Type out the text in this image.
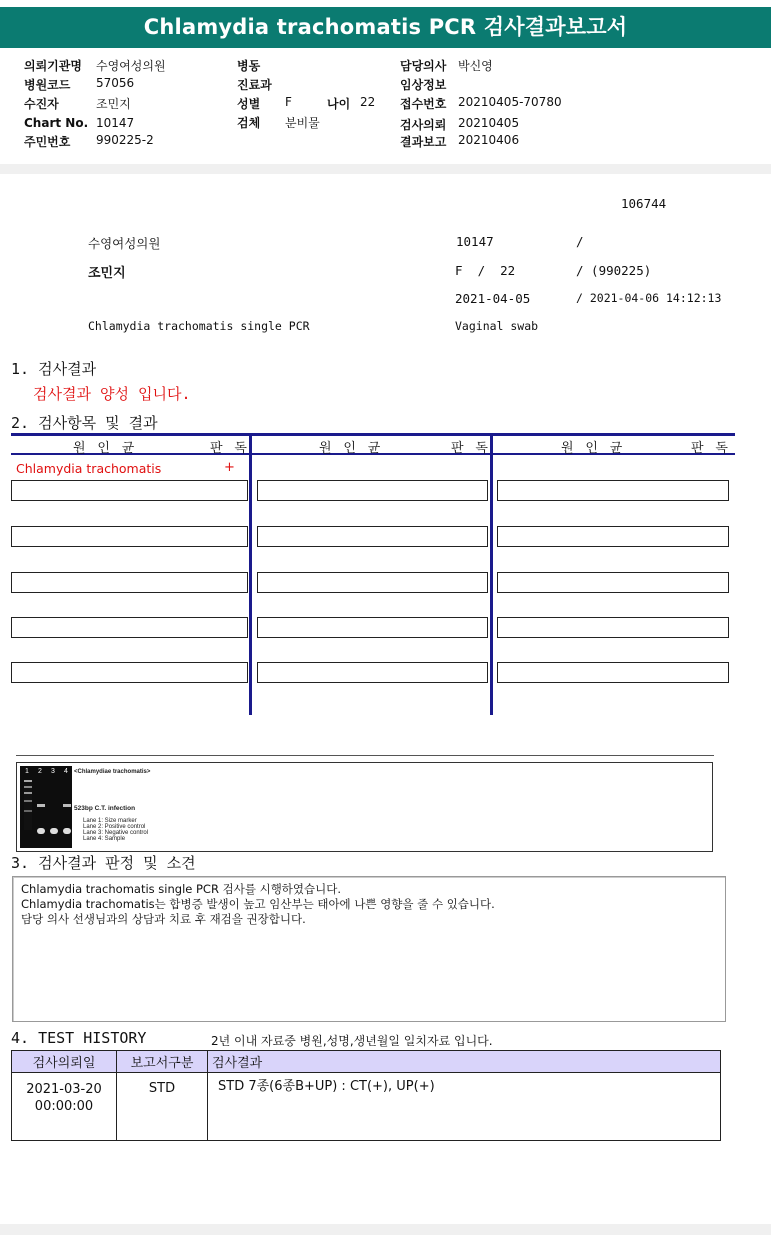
Chlamydia trachomatis PCR 검사결과보고서
의뢰기관명 수영여성의원
병원코드 57056
수진자	조민지
Chart No. 10147
주민번호 990225-2
병동
진료과
성별 F	나이 22
검체 분비물
담당의사 박신영
임상정보
접수번호 20210405-70780
검사의뢰 20210405
결과보고 20210406
106744
수영여성의원	10147	/
조민지	F  /  22	/ (990225)
2021-04-05	/ 2021-04-06 14:12:13
Chlamydia trachomatis single PCR	Vaginal swab
1. 검사결과
검사결과 양성 입니다.
2. 검사항목 및 결과
원 인 균	판 독	원 인 균	판 독	원 인 균	판 독
Chlamydia trachomatis	+
1 2 3 4 <Chlamydiae trachomatis>
523bp C.T. infection
Lane 1: Size marker
Lane 2: Positive control
Lane 3: Negative control
Lane 4: Sample
3. 검사결과 판정 및 소견
Chlamydia trachomatis single PCR 검사를 시행하였습니다.
Chlamydia trachomatis는 합병증 발생이 높고 임산부는 태아에 나쁜 영향을 줄 수 있습니다.
담당 의사 선생님과의 상담과 치료 후 재검을 권장합니다.
4. TEST HISTORY	2년 이내 자료중 병원,성명,생년월일 일치자료 입니다.
검사의뢰일	보고서구분	검사결과

2021-03-20
00:00:00	STD	STD 7종(6종B+UP) : CT(+), UP(+)
